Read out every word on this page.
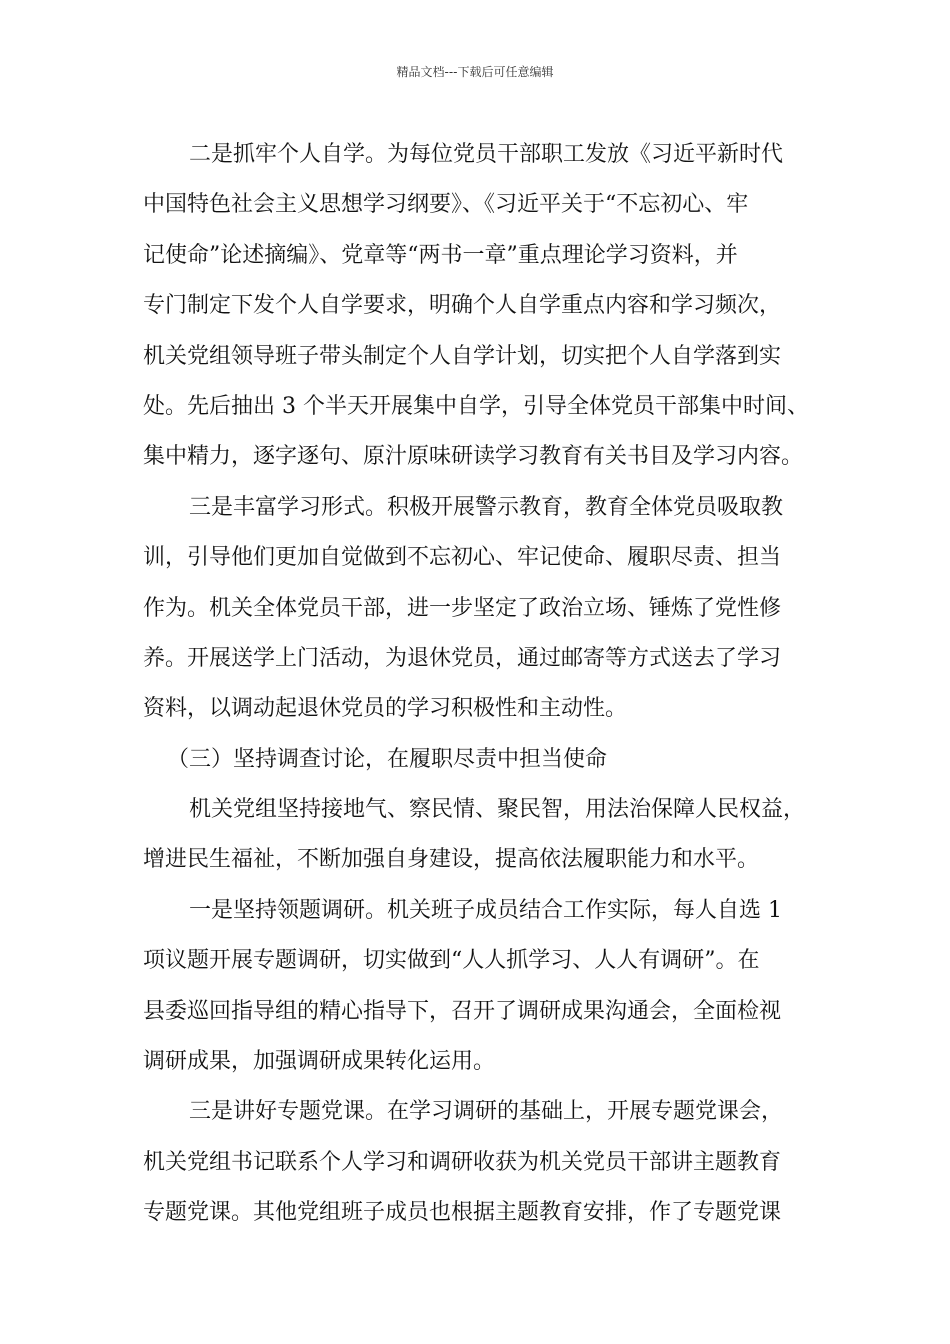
精品文档---下载后可任意编辑
二是抓牢个人自学。为每位党员干部职工发放《习近平新时代
中国特色社会主义思想学习纲要》、《习近平关于“不忘初心、牢
记使命”论述摘编》、党章等“两书一章”重点理论学习资料，并
专门制定下发个人自学要求，明确个人自学重点内容和学习频次，
机关党组领导班子带头制定个人自学计划，切实把个人自学落到实
处。先后抽出 3 个半天开展集中自学，引导全体党员干部集中时间、
集中精力，逐字逐句、原汁原味研读学习教育有关书目及学习内容。
三是丰富学习形式。积极开展警示教育，教育全体党员吸取教
训，引导他们更加自觉做到不忘初心、牢记使命、履职尽责、担当
作为。机关全体党员干部，进一步坚定了政治立场、锤炼了党性修
养。开展送学上门活动，为退休党员，通过邮寄等方式送去了学习
资料，以调动起退休党员的学习积极性和主动性。
（三）坚持调查讨论，在履职尽责中担当使命
机关党组坚持接地气、察民情、聚民智，用法治保障人民权益，
增进民生福祉，不断加强自身建设，提高依法履职能力和水平。
一是坚持领题调研。机关班子成员结合工作实际，每人自选 1
项议题开展专题调研，切实做到“人人抓学习、人人有调研”。在
县委巡回指导组的精心指导下，召开了调研成果沟通会，全面检视
调研成果，加强调研成果转化运用。
三是讲好专题党课。在学习调研的基础上，开展专题党课会，
机关党组书记联系个人学习和调研收获为机关党员干部讲主题教育
专题党课。其他党组班子成员也根据主题教育安排，作了专题党课
